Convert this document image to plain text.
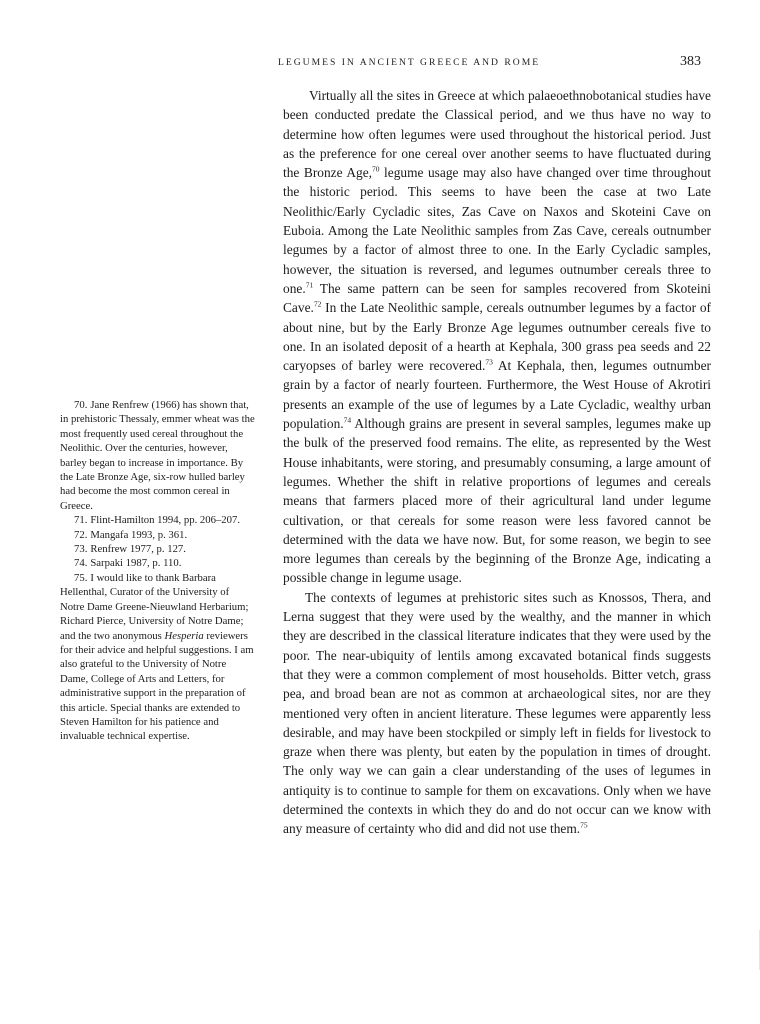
LEGUMES IN ANCIENT GREECE AND ROME	383

Virtually all the sites in Greece at which palaeoethnobotanical studies have been conducted predate the Classical period, and we thus have no way to determine how often legumes were used throughout the historical period. Just as the preference for one cereal over another seems to have fluctuated during the Bronze Age,$^{70}$ legume usage may also have changed over time throughout the historic period. This seems to have been the case at two Late Neolithic/Early Cycladic sites, Zas Cave on Naxos and Skoteini Cave on Euboia. Among the Late Neolithic samples from Zas Cave, cereals outnumber legumes by a factor of almost three to one. In the Early Cycladic samples, however, the situation is reversed, and legumes outnumber cereals three to one.$^{71}$ The same pattern can be seen for samples recovered from Skoteini Cave.$^{72}$ In the Late Neolithic sample, cereals outnumber legumes by a factor of about nine, but by the Early Bronze Age legumes outnumber cereals five to one. In an isolated deposit of a hearth at Kephala, 300 grass pea seeds and 22 caryopses of barley were recovered.$^{73}$ At Kephala, then, legumes outnumber grain by a factor of nearly fourteen. Furthermore, the West House of Akrotiri presents an example of the use of legumes by a Late Cycladic, wealthy urban population.$^{74}$ Although grains are present in several samples, legumes make up the bulk of the preserved food remains. The elite, as represented by the West House inhabitants, were storing, and presumably consuming, a large amount of legumes. Whether the shift in relative proportions of legumes and cereals means that farmers placed more of their agricultural land under legume cultivation, or that cereals for some reason were less favored cannot be determined with the data we have now. But, for some reason, we begin to see more legumes than cereals by the beginning of the Bronze Age, indicating a possible change in legume usage.

The contexts of legumes at prehistoric sites such as Knossos, Thera, and Lerna suggest that they were used by the wealthy, and the manner in which they are described in the classical literature indicates that they were used by the poor. The near-ubiquity of lentils among excavated botanical finds suggests that they were a common complement of most households. Bitter vetch, grass pea, and broad bean are not as common at archaeological sites, nor are they mentioned very often in ancient literature. These legumes were apparently less desirable, and may have been stockpiled or simply left in fields for livestock to graze when there was plenty, but eaten by the population in times of drought. The only way we can gain a clear understanding of the uses of legumes in antiquity is to continue to sample for them on excavations. Only when we have determined the contexts in which they do and do not occur can we know with any measure of certainty who did and did not use them.$^{75}$

70. Jane Renfrew (1966) has shown that, in prehistoric Thessaly, emmer wheat was the most frequently used cereal throughout the Neolithic. Over the centuries, however, barley began to increase in importance. By the Late Bronze Age, six-row hulled barley had become the most common cereal in Greece.

71. Flint-Hamilton 1994, pp. 206–207.

72. Mangafa 1993, p. 361.

73. Renfrew 1977, p. 127.

74. Sarpaki 1987, p. 110.

75. I would like to thank Barbara Hellenthal, Curator of the University of Notre Dame Greene-Nieuwland Herbarium; Richard Pierce, University of Notre Dame; and the two anonymous Hesperia reviewers for their advice and helpful suggestions. I am also grateful to the University of Notre Dame, College of Arts and Letters, for administrative support in the preparation of this article. Special thanks are extended to Steven Hamilton for his patience and invaluable technical expertise.
